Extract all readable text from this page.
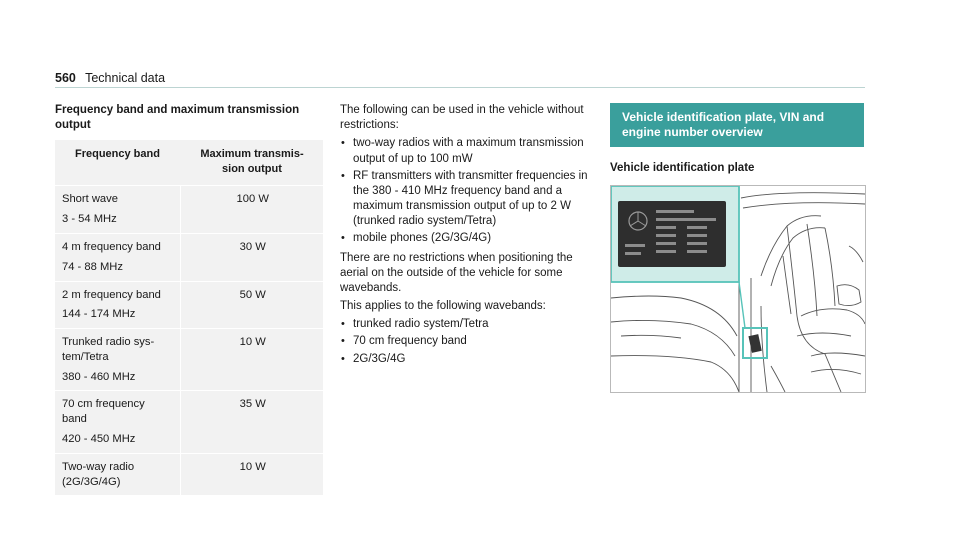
560 Technical data
Frequency band and maximum transmission output
Frequency band	Maximum transmis-
sion output

Short wave
3 - 54 MHz	100 W

4 m frequency band
74 - 88 MHz	30 W

2 m frequency band
144 - 174 MHz	50 W

Trunked radio sys-
tem/Tetra
380 - 460 MHz	10 W

70 cm frequency
band
420 - 450 MHz	35 W

Two-way radio
(2G/3G/4G)	10 W

The following can be used in the vehicle without restrictions:

• two-way radios with a maximum transmission output of up to 100 mW
• RF transmitters with transmitter frequencies in the 380 - 410 MHz frequency band and a maximum transmission output of up to 2 W (trunked radio system/Tetra)
• mobile phones (2G/3G/4G)

There are no restrictions when positioning the aerial on the outside of the vehicle for some wavebands.

This applies to the following wavebands:

• trunked radio system/Tetra
• 70 cm frequency band
• 2G/3G/4G
Vehicle identification plate, VIN and engine number overview
Vehicle identification plate
